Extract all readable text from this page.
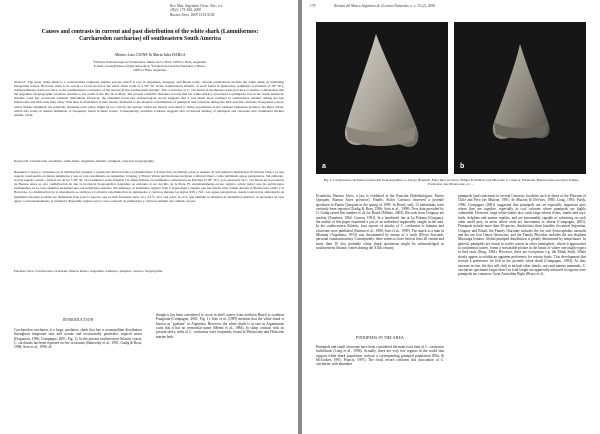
Rev. Mus. Argentino Cienc. Nat., n.s.
19(2): 175-184, 2008
Buenos Aires, ISSN 1514-5158
Causes and contrasts in current and past distribution of the white shark (Lamniformes: Carcharodon carcharias) off southeastern South America
Alberto Luis CIONE & María Julia BARLA
¹División Paleontología de Vertebrados, Museo de La Plata, 1900 La Plata, Argentina.
E-mail: acione@museo.fcnym.unlp.edu.ar. ²Facultad de Ciencias Naturales y Museo,
1900 La Plata, Argentina.
Abstract: The great white shark is a cosmopolitan temperate marine species which is rare in Argentina, Uruguay, and Brazil today. Several publications include the white shark as inhabiting Patagonian waters. However, there is no recent or fossil record of the white shark south of 5 58° 30´ in the southwestern Atlantic. A tooth found in Quaternary sediments at Palomar (5 58° 30´), northern Buenos Aires province, is the southernmost occurrence of the species in the southwestern Atlantic. The occurrence of C. carcharias in the Buenos Aires province is another confirmation that the Argentine biogeographic province extends to the south of the Río de la Plata. The present scientific literature records that the white shark is associated to pinnipeds, but in the South American Atlantic coast has occasional transient individuals. However, the abundant fossil and archaeological record suggests that it was much more common in southeastern Atlantic during the late Pleistocene and Holocene than today. This drop in abundance is here mostly attributed to the massive extermination of pinnipeds and cetaceans during the XIX and XX centuries. Patagonian waters, where marine mammals are relatively abundant even today, might be too cold for the species which are mostly associated to living populations in the southern temperate predator, the killer whale, which also feeds on marine mammals, is frequently found in these waters. Consequently, available evidence suggests that occasional feeding of pinnipeds and cetaceans also dominated another animal, a fish.
Keywords: Carcharodon carcharias, white shark, Argentina, Atlantic, pinniped, cetacean, biogeography.
Resumen: Causas y contrastes en la distribución presente y pasada del tiburón blanco (Lamniformes: Carcharodon carcharias) sobre el sudeste de Sud América meridional. El tiburón blanco es una especie cosmopolita en mares templados y que es rara actualmente en Argentina, Uruguay y Brasil. Varias publicaciones incluyen a tiburón blanco como habitando aguas patagónicas. Sin embargo, no hay registro actual o fósil al sur de los 5 58° 30´ en el Atlántico sudoccidental. Un diente hallado en sedimentos cuaternarios en Palomar (5 58° 30´), es la presencia de C. carcharias en la provincia de Buenos Aires es otra confirmación de que la provincia biogeográfica Argentina se extiende al sur del Río de la Plata. El extremadamente escaso registro actual indica que las poblaciones permanentes en la costa atlántica sudamericana son individuos aislados. Sin embargo, el abundante registro fósil y arqueológico sugiere que fue mucho más común durante el Pleistoceno tardío y el Holoceno. La disminución de la abundancia se atribuye a la masiva exterminación de pinnípedos y cetáceos durante los siglos XIX y XX. Las aguas patagónicas, donde todavía hay abundancia de mamíferos marinos podrían ser demasiado frías para la especie, que es más frecuente entre 12 y 24 °C. Por otra parte, la orca, que también se alimenta de mamíferos marinos, se encuentra en esas aguas. Consecuentemente, la evidencia disponible sugiere que la caza ocasional de pinnípedos y cetáceos eliminó otro animal, un pez.
Palabras clave: Carcharodon carcharias, tiburón blanco, Argentina, Atlántico, pinípedo, cetáceo, biogeografía.
INTRODUCTION
Carcharodon carcharias is a large, predatory shark that has a cosmopolitan distribution throughout temperate seas and oceans and occasionally penetrates tropical zones (Fergusson, 1996; Compagno, 2001; Fig. 1). In the present southwestern Atlantic coasts, C. carcharias has been reported on few occasions (Sadowsky et al., 1991; Gadig & Rosa, 1996; Soto et al., 1999; al-
though it has been considered to occur in shelf waters from northern Brazil to southern Patagonia (Compagno, 2001; Fig. 1). Soto et al. (1999) mention that the white shark is known as "guelune" in Argentina. However, the white shark is as rare in Argentinean coast that it has no vernacular name (Menni et al., 1984). In sharp contrast with its present rarity, teeth of C. carcharias were frequently found in Pleistocene and Holocene marine beds
178	Revista del Museo Argentino de Ciencias Naturales, n. s. 10 (2), 2008
a	b
Fig. 2. Carcharodon carcharias fossil teeth from Argentina: a, Arroyo Brasinda, Entre Ríos province, Pampa Formation, late Miocene; b, Canal A, Ensenada, Buenos Aires province, Pampa Formation, late Pleistocene. a1, ...
Ecuadoria, Buenos Aires, a jaw is exhibited at the Estación Hidrobiológica, Puerto Quequén, Buenos Aires province). Finally, Aviles Carrasco observed a juvenile specimen in Puerto Quequén in the spring of 1999. In Brazil, only 13 individuals were certainly been reported (Gadig & Rosa, 1996; Soto et al., 1999). New data provided by O. Gadig raised this number to 24 for Brazil (Mileno, 2005). Records from Uruguay are unclear (Ximénez, 1962; Carrera, 1991). In a handicraft fair at La Paloma (Uruguay), the author of this paper examined a jaw of an individual supposedly caught in the area. In the southwestern Atlantic, four reports of attacks of C. carcharias to humans and cetaceans were published (Sazima et al., 1980; Soto et al., 1999). The attack to a man in Miramar (Argentina, 1954) was documented by means of a tooth (Elvira Sorrondi, personal communication). Consequently, there seems to have been at least 20 certain and more than 10 less probable white shark specimens might be acknowledged in southwestern Atlantic waters during the XXth century.
PINNIPEDS IN THE AREA
Pinnipeds and small cetaceans have been considered the main food item of C. carcharias individuals (Long et al., 1996). Actually, there are very few regions in the world that support white shark population without a corresponding pinniped population (Ellis & McCosker, 1991; Francis, 1997). The fossil record confirms this association of C. carcharias with abundant
pinnipeds (and cetaceans) in several Cenozoic localities such as those of the Pliocene of Chile and Peru (de Muizon, 1981; de Muizon & DeVries, 1985; Long, 1993; Purdy, 1996; Compagno (2001) suggested that pinnipeds are an especially important prey where they are together, especially at cool colonies where pinnipeds are highly vulnerable. However, large white sharks also catch large teleost fishes, sharks and rays, birds, dolphins and marine reptiles, and are presumably capable of subsisting on such other small prey, in areas where seals are uncommon or absent (Compagno, 2001). Pinnipeds include more than 30 species, divided into three families. In central Argentina, Uruguay and Brazil, the Family Otariidae includes the fur seal Arctocephalus australis and the sea lion Otaria flavescens, and the Family Phocidae includes the sea elephant Mirounga leonina. Global pinniped distribution is greatly determined by temperature. In general, pinnipeds are found in cooler waters in other hemisphere, where it approaches to continental waters, forms a reasonable picture in the limits of where one might expect to find seals (King, 1964). However, there are exceptions e.g. the Monk Seals. White sharks appear to exhibit an apparent preference for certain foods. This development that reveals a preference for fish in the juvenile white shark (Compagno, 1984). As they increase in size, the diet will shift to include other sharks, rays and marine mammals. C. carcharias specimens larger than 3 m total length are apparently attracted to regions were pinnipeds are common. Great Australian Bight (Bruce et al.,
